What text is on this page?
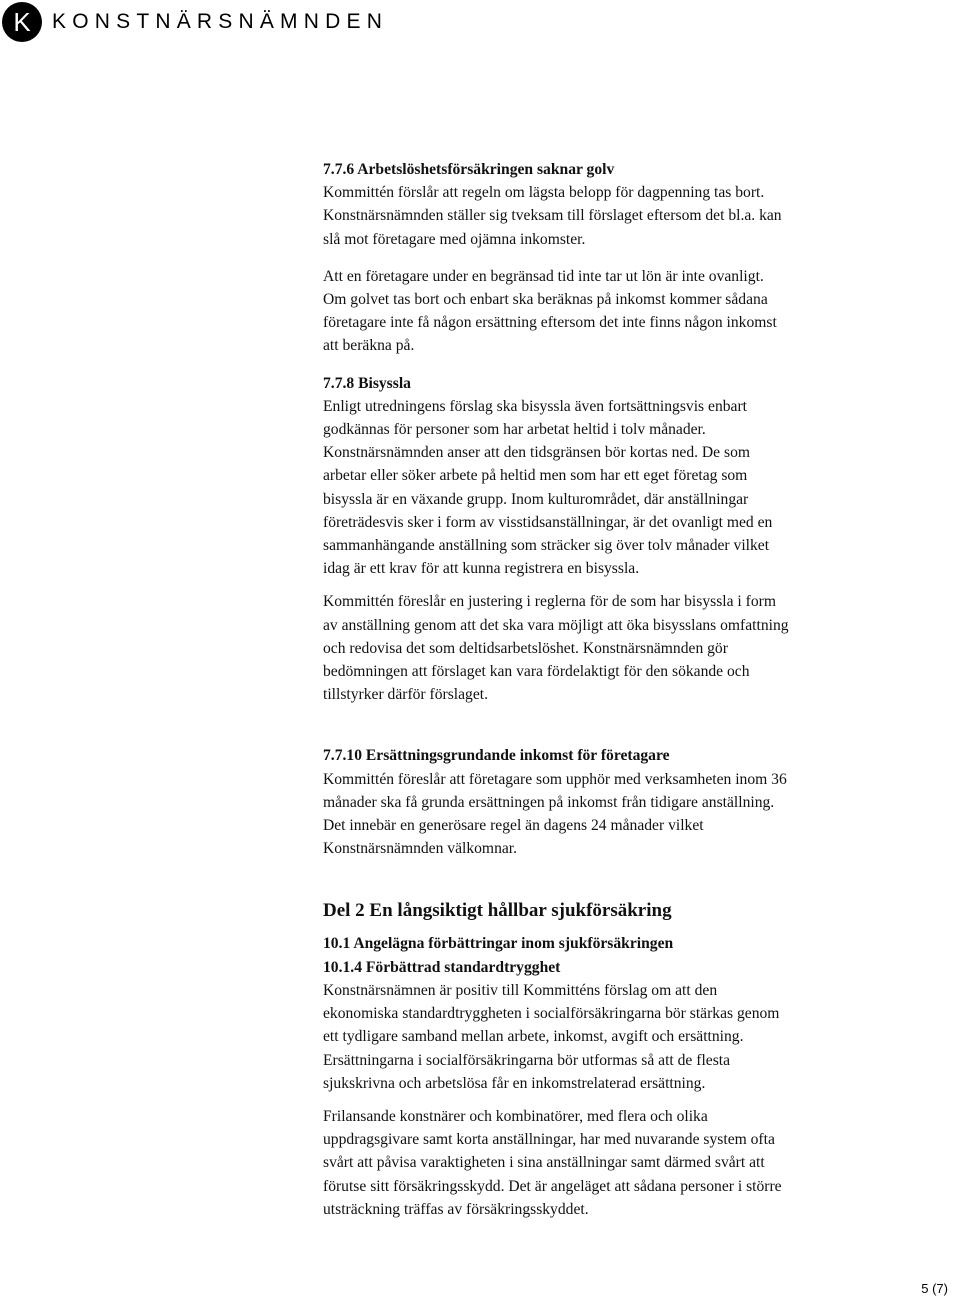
K	KONSTNÄRSNÄMNDEN

7.7.6 Arbetslöshetsförsäkringen saknar golv

Kommittén förslår att regeln om lägsta belopp för dagpenning tas bort.

Konstnärsnämnden ställer sig tveksam till förslaget eftersom det bl.a. kan

slå mot företagare med ojämna inkomster.

Att en företagare under en begränsad tid inte tar ut lön är inte ovanligt.

Om golvet tas bort och enbart ska beräknas på inkomst kommer sådana

företagare inte få någon ersättning eftersom det inte finns någon inkomst

att beräkna på.

7.7.8 Bisyssla

Enligt utredningens förslag ska bisyssla även fortsättningsvis enbart

godkännas för personer som har arbetat heltid i tolv månader.

Konstnärsnämnden anser att den tidsgränsen bör kortas ned. De som

arbetar eller söker arbete på heltid men som har ett eget företag som

bisyssla är en växande grupp. Inom kulturområdet, där anställningar

företrädesvis sker i form av visstidsanställningar, är det ovanligt med en

sammanhängande anställning som sträcker sig över tolv månader vilket

idag är ett krav för att kunna registrera en bisyssla.

Kommittén föreslår en justering i reglerna för de som har bisyssla i form

av anställning genom att det ska vara möjligt att öka bisysslans omfattning

och redovisa det som deltidsarbetslöshet. Konstnärsnämnden gör

bedömningen att förslaget kan vara fördelaktigt för den sökande och

tillstyrker därför förslaget.

7.7.10 Ersättningsgrundande inkomst för företagare

Kommittén föreslår att företagare som upphör med verksamheten inom 36

månader ska få grunda ersättningen på inkomst från tidigare anställning.

Det innebär en generösare regel än dagens 24 månader vilket

Konstnärsnämnden välkomnar.

Del 2 En långsiktigt hållbar sjukförsäkring

10.1 Angelägna förbättringar inom sjukförsäkringen

10.1.4 Förbättrad standardtrygghet

Konstnärsnämnen är positiv till Kommitténs förslag om att den

ekonomiska standardtryggheten i socialförsäkringarna bör stärkas genom

ett tydligare samband mellan arbete, inkomst, avgift och ersättning.

Ersättningarna i socialförsäkringarna bör utformas så att de flesta

sjukskrivna och arbetslösa får en inkomstrelaterad ersättning.

Frilansande konstnärer och kombinatörer, med flera och olika

uppdragsgivare samt korta anställningar, har med nuvarande system ofta

svårt att påvisa varaktigheten i sina anställningar samt därmed svårt att

förutse sitt försäkringsskydd. Det är angeläget att sådana personer i större

utsträckning träffas av försäkringsskyddet.

5 (7)
